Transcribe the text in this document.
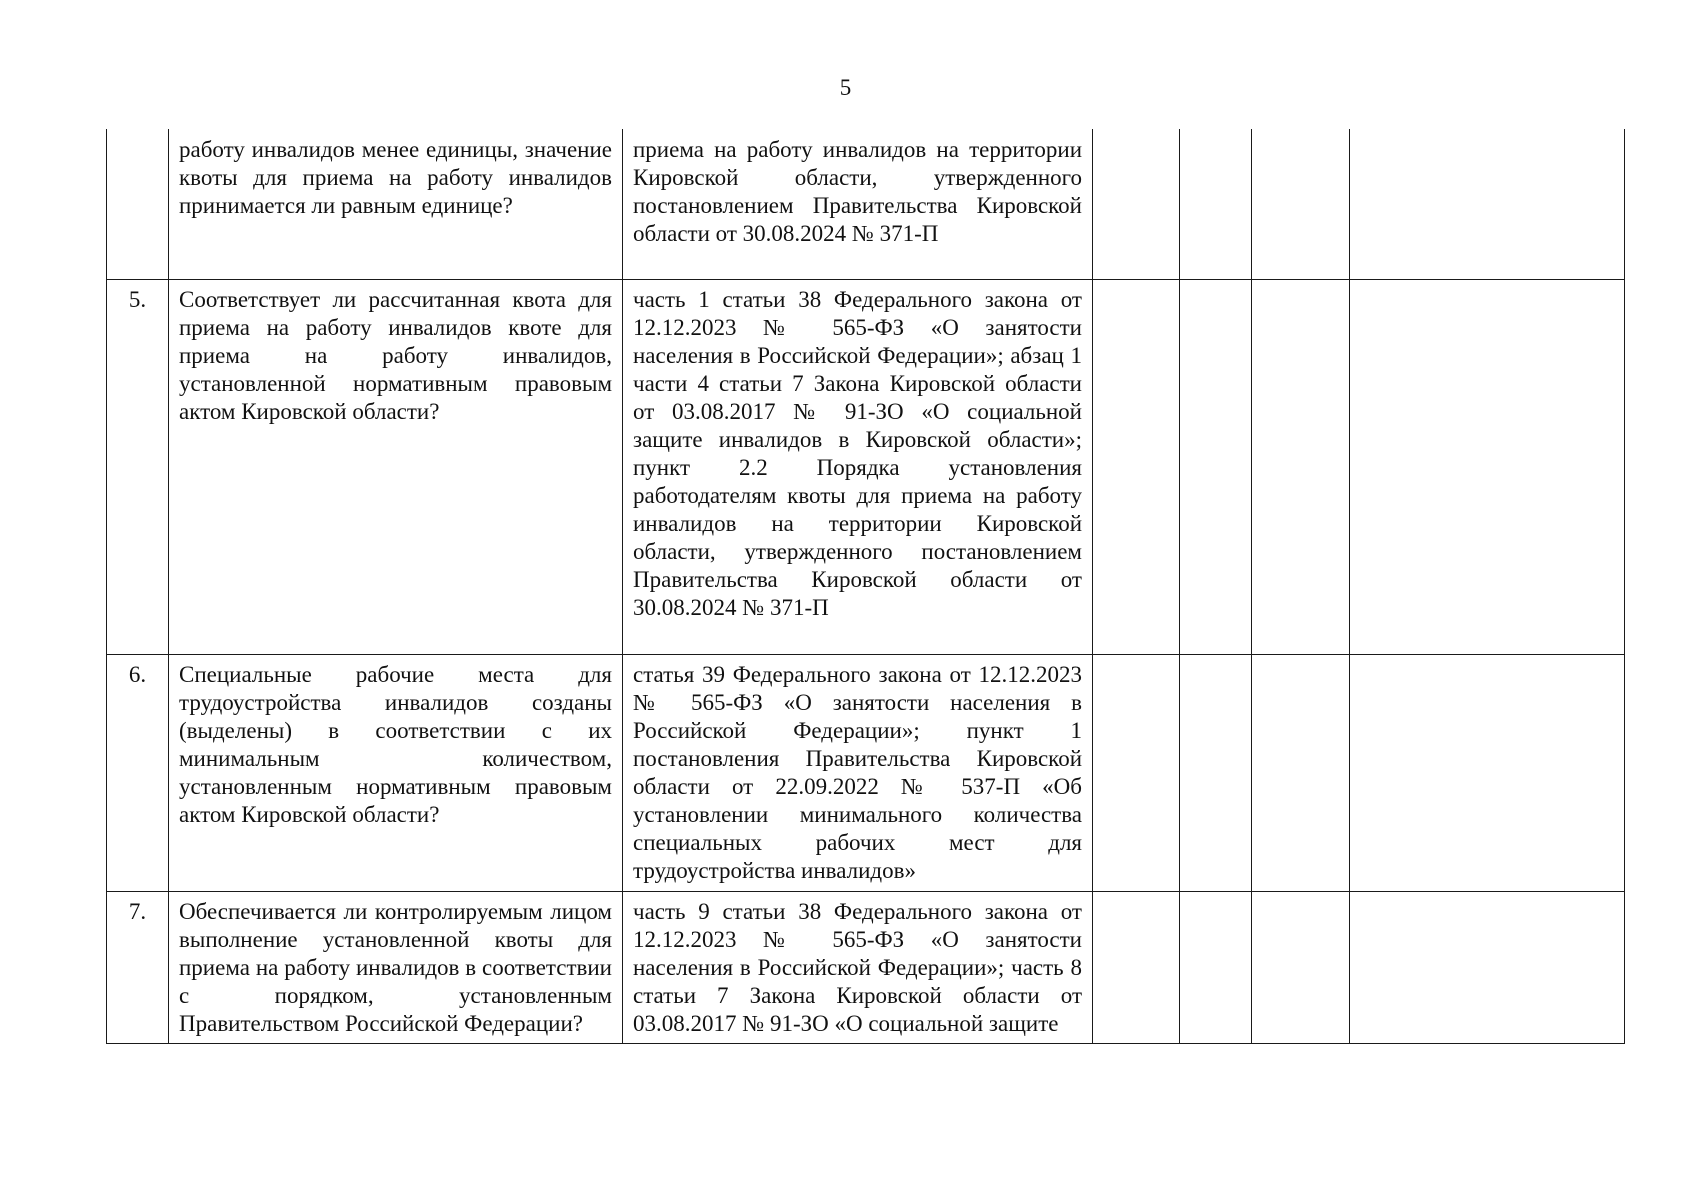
5
	работу инвалидов менее единицы, значение квоты для приема на работу инвалидов принимается ли равным единице?	приема на работу инвалидов на территории Кировской области, утвержденного постановлением Правительства Кировской области от 30.08.2024 № 371-П				
5.	Соответствует ли рассчитанная квота для приема на работу инвалидов квоте для приема на работу инвалидов, установленной нормативным правовым актом Кировской области?	часть 1 статьи 38 Федерального закона от 12.12.2023 № 565-ФЗ «О занятости населения в Российской Федерации»; абзац 1 части 4 статьи 7 Закона Кировской области от 03.08.2017 № 91-ЗО «О социальной защите инвалидов в Кировской области»; пункт 2.2 Порядка установления работодателям квоты для приема на работу инвалидов на территории Кировской области, утвержденного постановлением Правительства Кировской области от 30.08.2024 № 371-П				
6.	Специальные рабочие места для трудоустройства инвалидов созданы (выделены) в соответствии с их минимальным количеством, установленным нормативным правовым актом Кировской области?	статья 39 Федерального закона от 12.12.2023 № 565-ФЗ «О занятости населения в Российской Федерации»; пункт 1 постановления Правительства Кировской области от 22.09.2022 № 537-П «Об установлении минимального количества специальных рабочих мест для трудоустройства инвалидов»				
7.	Обеспечивается ли контролируемым лицом выполнение установленной квоты для приема на работу инвалидов в соответствии с порядком, установленным Правительством Российской Федерации?	часть 9 статьи 38 Федерального закона от 12.12.2023 № 565-ФЗ «О занятости населения в Российской Федерации»; часть 8 статьи 7 Закона Кировской области от 03.08.2017 № 91-ЗО «О социальной защите				
